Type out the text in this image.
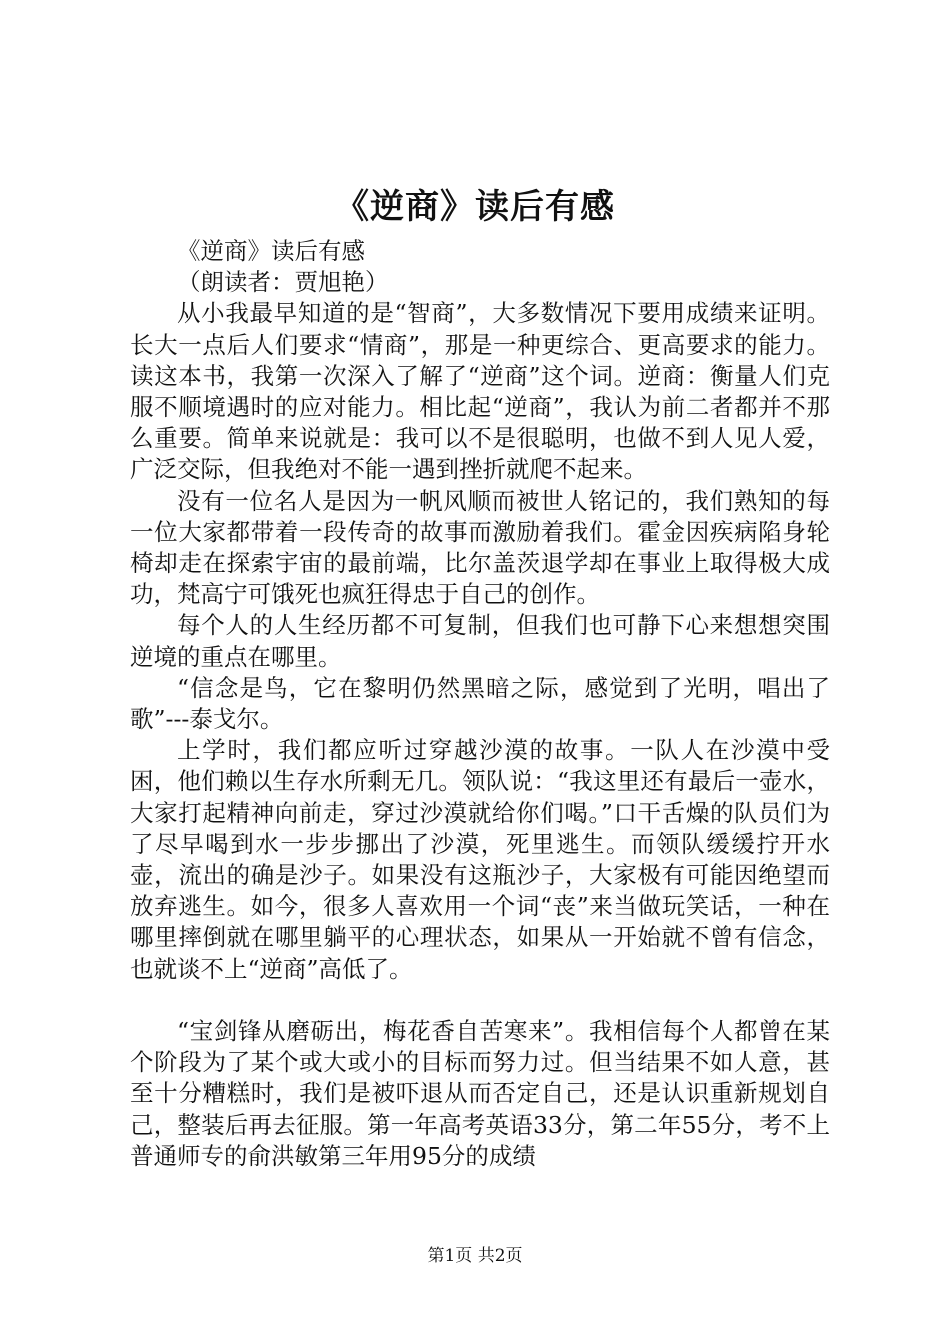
《逆商》读后有感

《逆商》读后有感

（朗读者：贾旭艳）

从小我最早知道的是“智商”，大多数情况下要用成绩来证明。长大一点后人们要求“情商”，那是一种更综合、更高要求的能力。读这本书，我第一次深入了解了“逆商”这个词。逆商：衡量人们克服不顺境遇时的应对能力。相比起“逆商”，我认为前二者都并不那么重要。简单来说就是：我可以不是很聪明，也做不到人见人爱，广泛交际，但我绝对不能一遇到挫折就爬不起来。

没有一位名人是因为一帆风顺而被世人铭记的，我们熟知的每一位大家都带着一段传奇的故事而激励着我们。霍金因疾病陷身轮椅却走在探索宇宙的最前端，比尔盖茨退学却在事业上取得极大成功，梵高宁可饿死也疯狂得忠于自己的创作。

每个人的人生经历都不可复制，但我们也可静下心来想想突围逆境的重点在哪里。

“信念是鸟，它在黎明仍然黑暗之际，感觉到了光明，唱出了歌”---泰戈尔。

上学时，我们都应听过穿越沙漠的故事。一队人在沙漠中受困，他们赖以生存水所剩无几。领队说：“我这里还有最后一壶水，大家打起精神向前走，穿过沙漠就给你们喝。”口干舌燥的队员们为了尽早喝到水一步步挪出了沙漠，死里逃生。而领队缓缓拧开水壶，流出的确是沙子。如果没有这瓶沙子，大家极有可能因绝望而放弃逃生。如今，很多人喜欢用一个词“丧”来当做玩笑话，一种在哪里摔倒就在哪里躺平的心理状态，如果从一开始就不曾有信念，也就谈不上“逆商”高低了。

“宝剑锋从磨砺出，梅花香自苦寒来”。我相信每个人都曾在某个阶段为了某个或大或小的目标而努力过。但当结果不如人意，甚至十分糟糕时，我们是被吓退从而否定自己，还是认识重新规划自己，整装后再去征服。第一年高考英语33分，第二年55分，考不上普通师专的俞洪敏第三年用95分的成绩

第1页 共2页
